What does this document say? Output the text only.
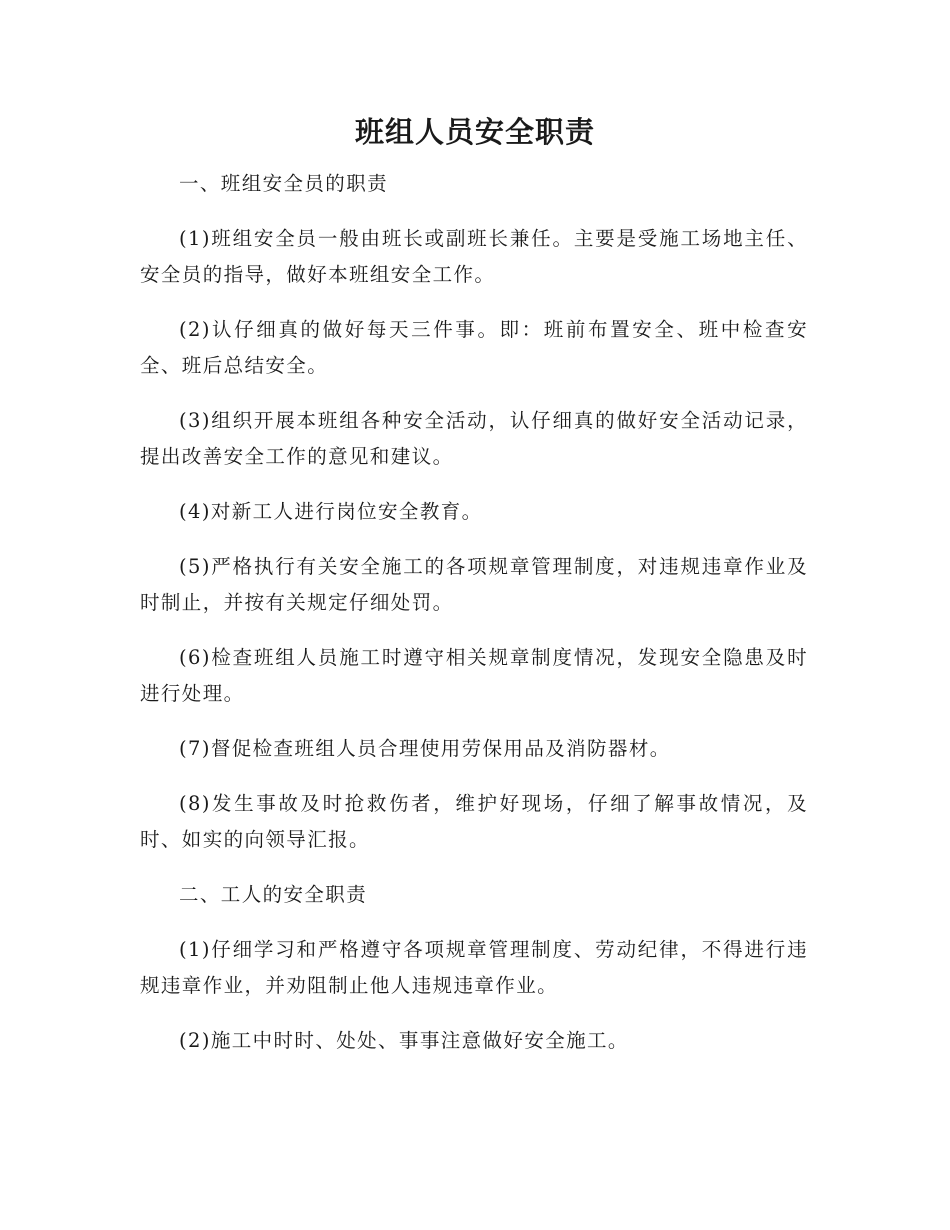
班组人员安全职责

一、班组安全员的职责

(1)班组安全员一般由班长或副班长兼任。主要是受施工场地主任、安全员的指导，做好本班组安全工作。

(2)认仔细真的做好每天三件事。即：班前布置安全、班中检查安全、班后总结安全。

(3)组织开展本班组各种安全活动，认仔细真的做好安全活动记录，提出改善安全工作的意见和建议。

(4)对新工人进行岗位安全教育。

(5)严格执行有关安全施工的各项规章管理制度，对违规违章作业及时制止，并按有关规定仔细处罚。

(6)检查班组人员施工时遵守相关规章制度情况，发现安全隐患及时进行处理。

(7)督促检查班组人员合理使用劳保用品及消防器材。

(8)发生事故及时抢救伤者，维护好现场，仔细了解事故情况，及时、如实的向领导汇报。

二、工人的安全职责

(1)仔细学习和严格遵守各项规章管理制度、劳动纪律，不得进行违规违章作业，并劝阻制止他人违规违章作业。

(2)施工中时时、处处、事事注意做好安全施工。
